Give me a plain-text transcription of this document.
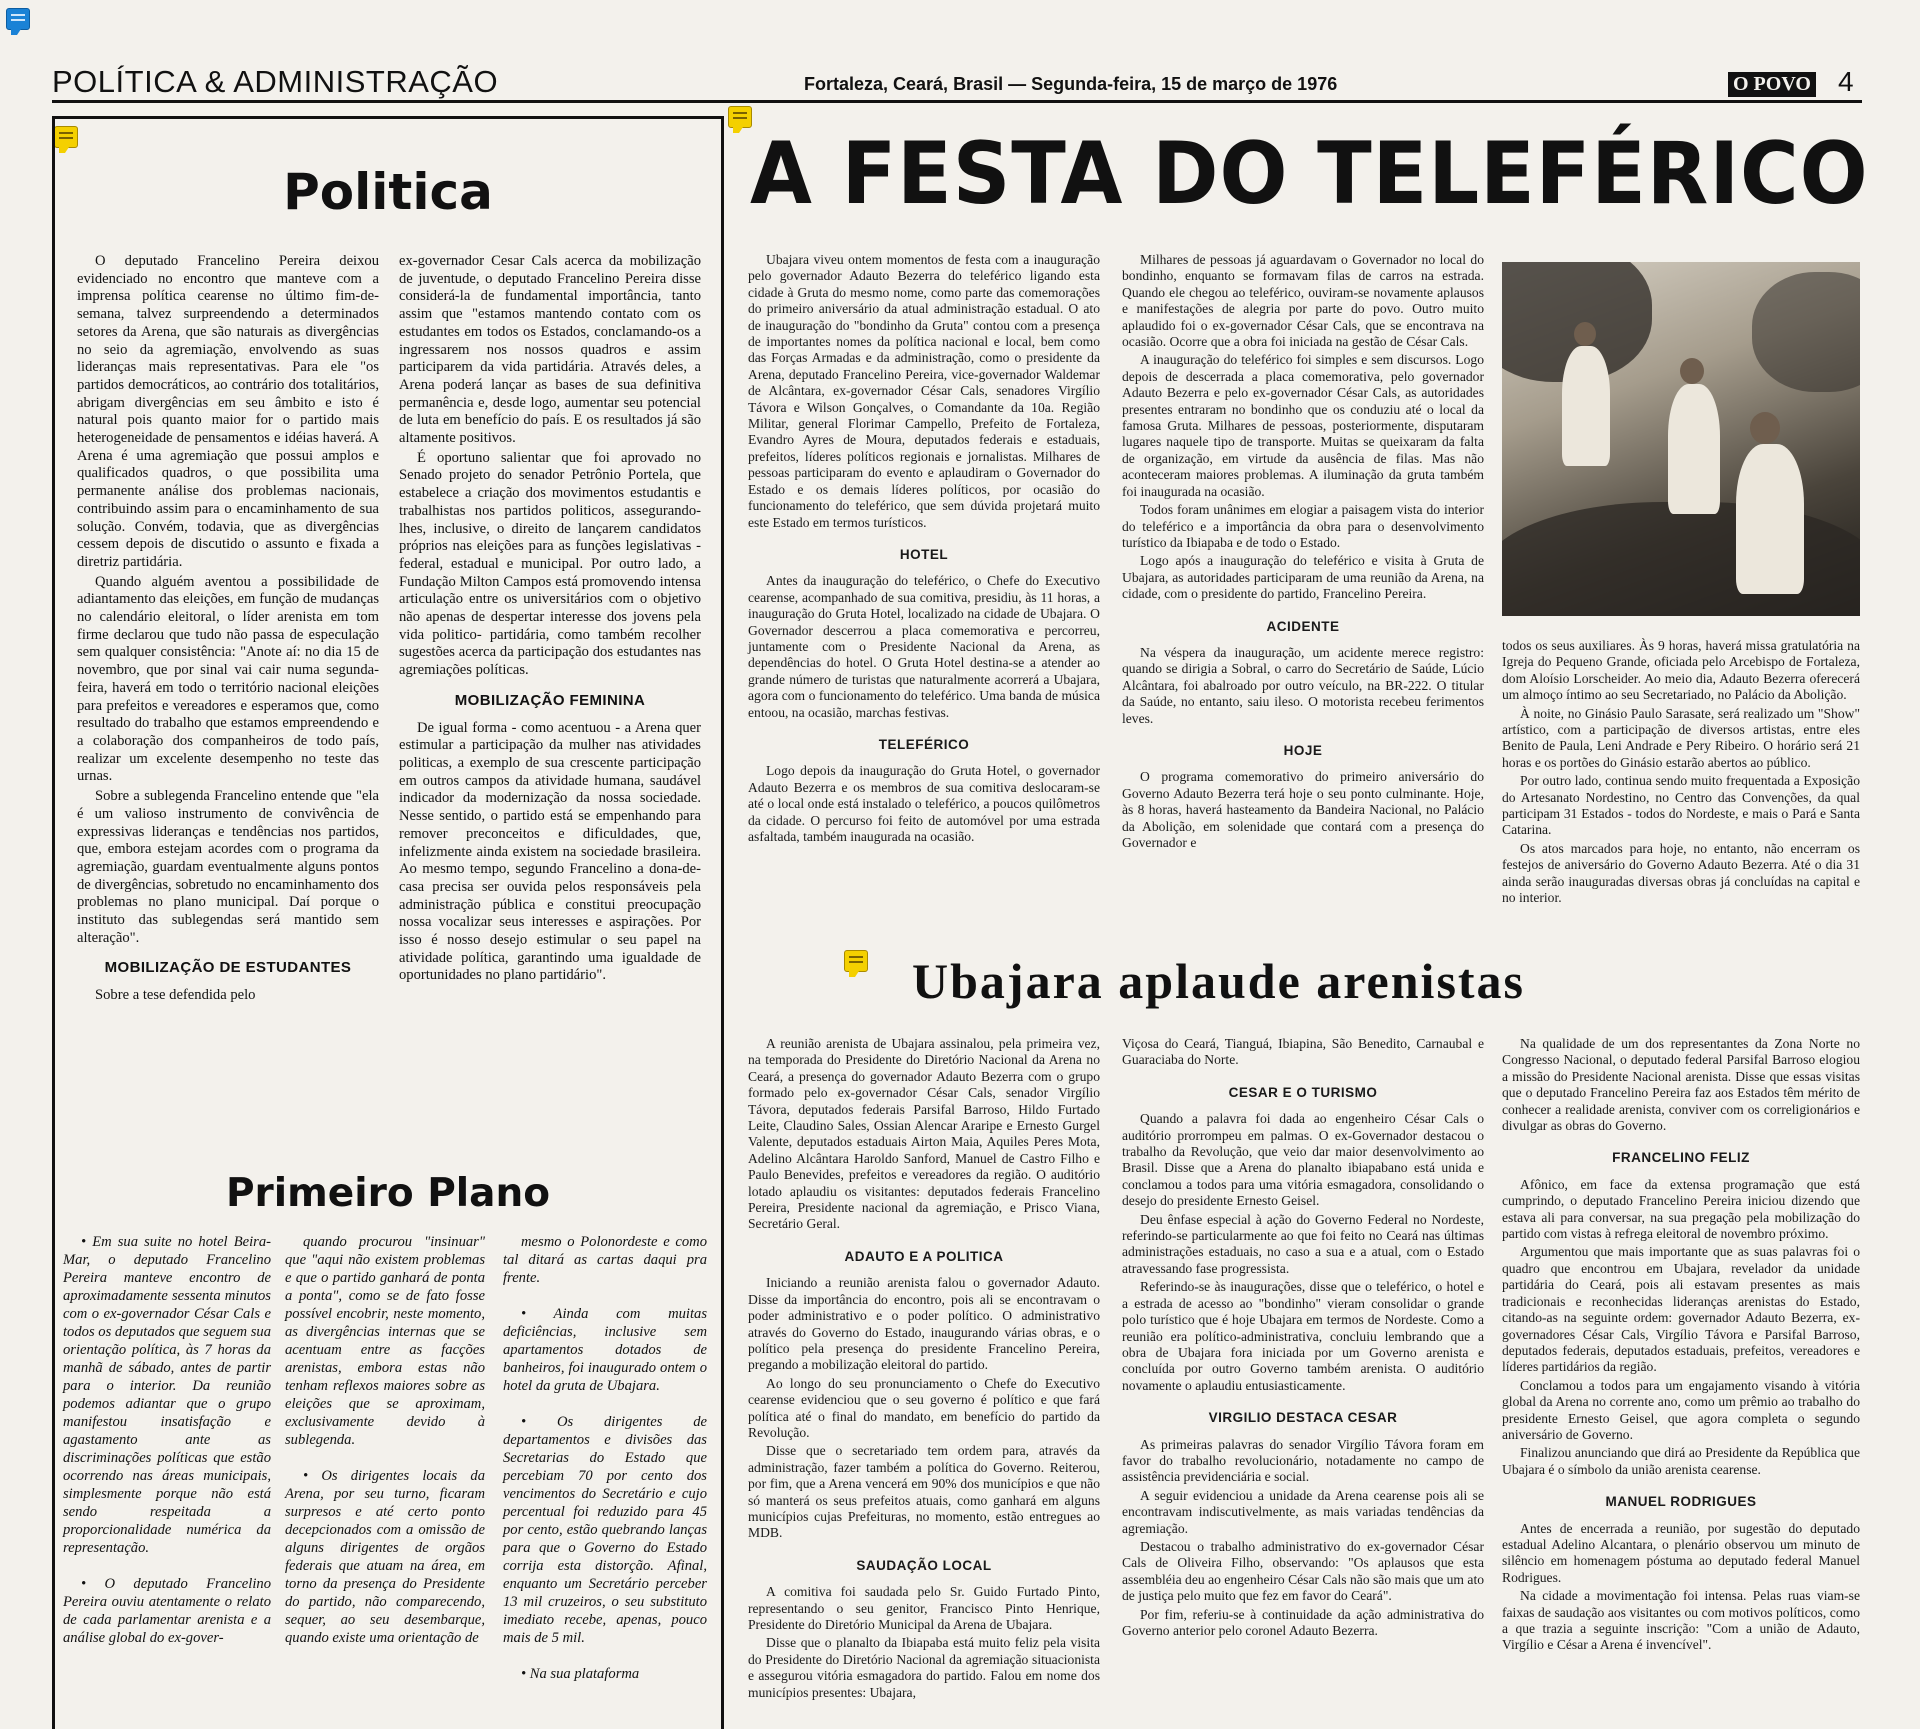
POLÍTICA & ADMINISTRAÇÃO	Fortaleza, Ceará, Brasil — Segunda-feira, 15 de março de 1976	O POVO 4
Politica

O deputado Francelino Pereira deixou evidenciado no encontro que manteve com a imprensa política cearense no último fim-de-semana, talvez surpreendendo a determinados setores da Arena, que são naturais as divergências no seio da agremiação, envolvendo as suas lideranças mais representativas. Para ele "os partidos democráticos, ao contrário dos totalitários, abrigam divergências em seu âmbito e isto é natural pois quanto maior for o partido mais heterogeneidade de pensamentos e idéias haverá. A Arena é uma agremiação que possui amplos e qualificados quadros, o que possibilita uma permanente análise dos problemas nacionais, contribuindo assim para o encaminhamento de sua solução. Convém, todavia, que as divergências cessem depois de discutido o assunto e fixada a diretriz partidária.

Quando alguém aventou a possibilidade de adiantamento das eleições, em função de mudanças no calendário eleitoral, o líder arenista em tom firme declarou que tudo não passa de especulação sem qualquer consistência: "Anote aí: no dia 15 de novembro, que por sinal vai cair numa segunda-feira, haverá em todo o território nacional eleições para prefeitos e vereadores e esperamos que, como resultado do trabalho que estamos empreendendo e a colaboração dos companheiros de todo país, realizar um excelente desempenho no teste das urnas.

Sobre a sublegenda Francelino entende que "ela é um valioso instrumento de convivência de expressivas lideranças e tendências nos partidos, que, embora estejam acordes com o programa da agremiação, guardam eventualmente alguns pontos de divergências, sobretudo no encaminhamento dos problemas no plano municipal. Daí porque o instituto das sublegendas será mantido sem alteração".

MOBILIZAÇÃO DE ESTUDANTES

Sobre a tese defendida pelo

ex-governador Cesar Cals acerca da mobilização de juventude, o deputado Francelino Pereira disse considerá-la de fundamental importância, tanto assim que "estamos mantendo contato com os estudantes em todos os Estados, conclamando-os a ingressarem nos nossos quadros e assim participarem da vida partidária. Através deles, a Arena poderá lançar as bases de sua definitiva permanência e, desde logo, aumentar seu potencial de luta em benefício do país. E os resultados já são altamente positivos.

É oportuno salientar que foi aprovado no Senado projeto do senador Petrônio Portela, que estabelece a criação dos movimentos estudantis e trabalhistas nos partidos politicos, assegurando-lhes, inclusive, o direito de lançarem candidatos próprios nas eleições para as funções legislativas - federal, estadual e municipal. Por outro lado, a Fundação Milton Campos está promovendo intensa articulação entre os universitários com o objetivo não apenas de despertar interesse dos jovens pela vida politico- partidária, como também recolher sugestões acerca da participação dos estudantes nas agremiações políticas.

MOBILIZAÇÃO FEMININA

De igual forma - como acentuou - a Arena quer estimular a participação da mulher nas atividades politicas, a exemplo de sua crescente participação em outros campos da atividade humana, saudável indicador da modernização da nossa sociedade. Nesse sentido, o partido está se empenhando para remover preconceitos e dificuldades, que, infelizmente ainda existem na sociedade brasileira. Ao mesmo tempo, segundo Francelino a dona-de-casa precisa ser ouvida pelos responsáveis pela administração pública e constitui preocupação nossa vocalizar seus interesses e aspirações. Por isso é nosso desejo estimular o seu papel na atividade política, garantindo uma igualdade de oportunidades no plano partidário".

Primeiro Plano

• Em sua suite no hotel Beira-Mar, o deputado Francelino Pereira manteve encontro de aproximadamente sessenta minutos com o ex-governador César Cals e todos os deputados que seguem sua orientação política, às 7 horas da manhã de sábado, antes de partir para o interior. Da reunião podemos adiantar que o grupo manifestou insatisfação e agastamento ante as discriminações políticas que estão ocorrendo nas áreas municipais, simplesmente porque não está sendo respeitada a proporcionalidade numérica da representação.

• O deputado Francelino Pereira ouviu atentamente o relato de cada parlamentar arenista e a análise global do ex-gover-

quando procurou "insinuar" que "aqui não existem problemas e que o partido ganhará de ponta a ponta", como se de fato fosse possível encobrir, neste momento, as divergências internas que se acentuam entre as facções arenistas, embora estas não tenham reflexos maiores sobre as eleições que se aproximam, exclusivamente devido à sublegenda.

• Os dirigentes locais da Arena, por seu turno, ficaram surpresos e até certo ponto decepcionados com a omissão de alguns dirigentes de orgãos federais que atuam na área, em torno da presença do Presidente do partido, não comparecendo, sequer, ao seu desembarque, quando existe uma orientação de

mesmo o Polonordeste e como tal ditará as cartas daqui pra frente.

• Ainda com muitas deficiências, inclusive sem apartamentos dotados de banheiros, foi inaugurado ontem o hotel da gruta de Ubajara.

• Os dirigentes de departamentos e divisões das Secretarias do Estado que percebiam 70 por cento dos vencimentos do Secretário e cujo percentual foi reduzido para 45 por cento, estão quebrando lanças para que o Governo do Estado corrija esta distorção. Afinal, enquanto um Secretário perceber 13 mil cruzeiros, o seu substituto imediato recebe, apenas, pouco mais de 5 mil.

• Na sua plataforma

A FESTA DO TELEFÉRICO

Ubajara viveu ontem momentos de festa com a inauguração pelo governador Adauto Bezerra do teleférico ligando esta cidade à Gruta do mesmo nome, como parte das comemorações do primeiro aniversário da atual administração estadual. O ato de inauguração do "bondinho da Gruta" contou com a presença de importantes nomes da política nacional e local, bem como das Forças Armadas e da administração, como o presidente da Arena, deputado Francelino Pereira, vice-governador Waldemar de Alcântara, ex-governador César Cals, senadores Virgílio Távora e Wilson Gonçalves, o Comandante da 10a. Região Militar, general Florimar Campello, Prefeito de Fortaleza, Evandro Ayres de Moura, deputados federais e estaduais, prefeitos, líderes políticos regionais e jornalistas. Milhares de pessoas participaram do evento e aplaudiram o Governador do Estado e os demais líderes políticos, por ocasião do funcionamento do teleférico, que sem dúvida projetará muito este Estado em termos turísticos.

HOTEL

Antes da inauguração do teleférico, o Chefe do Executivo cearense, acompanhado de sua comitiva, presidiu, às 11 horas, a inauguração do Gruta Hotel, localizado na cidade de Ubajara. O Governador descerrou a placa comemorativa e percorreu, juntamente com o Presidente Nacional da Arena, as dependências do hotel. O Gruta Hotel destina-se a atender ao grande número de turistas que naturalmente acorrerá a Ubajara, agora com o funcionamento do teleférico. Uma banda de música entoou, na ocasião, marchas festivas.

TELEFÉRICO

Logo depois da inauguração do Gruta Hotel, o governador Adauto Bezerra e os membros de sua comitiva deslocaram-se até o local onde está instalado o teleférico, a poucos quilômetros da cidade. O percurso foi feito de automóvel por uma estrada asfaltada, também inaugurada na ocasião.

Milhares de pessoas já aguardavam o Governador no local do bondinho, enquanto se formavam filas de carros na estrada. Quando ele chegou ao teleférico, ouviram-se novamente aplausos e manifestações de alegria por parte do povo. Outro muito aplaudido foi o ex-governador César Cals, que se encontrava na ocasião. Ocorre que a obra foi iniciada na gestão de César Cals.

A inauguração do teleférico foi simples e sem discursos. Logo depois de descerrada a placa comemorativa, pelo governador Adauto Bezerra e pelo ex-governador César Cals, as autoridades presentes entraram no bondinho que os conduziu até o local da famosa Gruta. Milhares de pessoas, posteriormente, disputaram lugares naquele tipo de transporte. Muitas se queixaram da falta de organização, em virtude da ausência de filas. Mas não aconteceram maiores problemas. A iluminação da gruta também foi inaugurada na ocasião.

Todos foram unânimes em elogiar a paisagem vista do interior do teleférico e a importância da obra para o desenvolvimento turístico da Ibiapaba e de todo o Estado.

Logo após a inauguração do teleférico e visita à Gruta de Ubajara, as autoridades participaram de uma reunião da Arena, na cidade, com o presidente do partido, Francelino Pereira.

ACIDENTE

Na véspera da inauguração, um acidente merece registro: quando se dirigia a Sobral, o carro do Secretário de Saúde, Lúcio Alcântara, foi abalroado por outro veículo, na BR-222. O titular da Saúde, no entanto, saiu ileso. O motorista recebeu ferimentos leves.

HOJE

O programa comemorativo do primeiro aniversário do Governo Adauto Bezerra terá hoje o seu ponto culminante. Hoje, às 8 horas, haverá hasteamento da Bandeira Nacional, no Palácio da Abolição, em solenidade que contará com a presença do Governador e

todos os seus auxiliares. Às 9 horas, haverá missa gratulatória na Igreja do Pequeno Grande, oficiada pelo Arcebispo de Fortaleza, dom Aloísio Lorscheider. Ao meio dia, Adauto Bezerra oferecerá um almoço íntimo ao seu Secretariado, no Palácio da Abolição.

À noite, no Ginásio Paulo Sarasate, será realizado um "Show" artístico, com a participação de diversos artistas, entre eles Benito de Paula, Leni Andrade e Pery Ribeiro. O horário será 21 horas e os portões do Ginásio estarão abertos ao público.

Por outro lado, continua sendo muito frequentada a Exposição do Artesanato Nordestino, no Centro das Convenções, da qual participam 31 Estados - todos do Nordeste, e mais o Pará e Santa Catarina.

Os atos marcados para hoje, no entanto, não encerram os festejos de aniversário do Governo Adauto Bezerra. Até o dia 31 ainda serão inauguradas diversas obras já concluídas na capital e no interior.

Ubajara aplaude arenistas

A reunião arenista de Ubajara assinalou, pela primeira vez, na temporada do Presidente do Diretório Nacional da Arena no Ceará, a presença do governador Adauto Bezerra com o grupo formado pelo ex-governador César Cals, senador Virgílio Távora, deputados federais Parsifal Barroso, Hildo Furtado Leite, Claudino Sales, Ossian Alencar Araripe e Ernesto Gurgel Valente, deputados estaduais Airton Maia, Aquiles Peres Mota, Adelino Alcântara Haroldo Sanford, Manuel de Castro Filho e Paulo Benevides, prefeitos e vereadores da região. O auditório lotado aplaudiu os visitantes: deputados federais Francelino Pereira, Presidente nacional da agremiação, e Prisco Viana, Secretário Geral.

ADAUTO E A POLITICA

Iniciando a reunião arenista falou o governador Adauto. Disse da importância do encontro, pois ali se encontravam o poder administrativo e o poder político. O administrativo através do Governo do Estado, inaugurando várias obras, e o político pela presença do presidente Francelino Pereira, pregando a mobilização eleitoral do partido.

Ao longo do seu pronunciamento o Chefe do Executivo cearense evidenciou que o seu governo é político e que fará política até o final do mandato, em benefício do partido da Revolução.

Disse que o secretariado tem ordem para, através da administração, fazer também a política do Governo. Reiterou, por fim, que a Arena vencerá em 90% dos municípios e que não só manterá os seus prefeitos atuais, como ganhará em alguns municípios cujas Prefeituras, no momento, estão entregues ao MDB.

SAUDAÇÃO LOCAL

A comitiva foi saudada pelo Sr. Guido Furtado Pinto, representando o seu genitor, Francisco Pinto Henrique, Presidente do Diretório Municipal da Arena de Ubajara.

Disse que o planalto da Ibiapaba está muito feliz pela visita do Presidente do Diretório Nacional da agremiação situacionista e assegurou vitória esmagadora do partido. Falou em nome dos municípios presentes: Ubajara,

Viçosa do Ceará, Tianguá, Ibiapina, São Benedito, Carnaubal e Guaraciaba do Norte.

CESAR E O TURISMO

Quando a palavra foi dada ao engenheiro César Cals o auditório prorrompeu em palmas. O ex-Governador destacou o trabalho da Revolução, que veio dar maior desenvolvimento ao Brasil. Disse que a Arena do planalto ibiapabano está unida e conclamou a todos para uma vitória esmagadora, consolidando o desejo do presidente Ernesto Geisel.

Deu ênfase especial à ação do Governo Federal no Nordeste, referindo-se particularmente ao que foi feito no Ceará nas últimas administrações estaduais, no caso a sua e a atual, com o Estado atravessando fase progressista.

Referindo-se às inaugurações, disse que o teleférico, o hotel e a estrada de acesso ao "bondinho" vieram consolidar o grande polo turístico que é hoje Ubajara em termos de Nordeste. Como a reunião era político-administrativa, concluiu lembrando que a obra de Ubajara fora iniciada por um Governo arenista e concluída por outro Governo também arenista. O auditório novamente o aplaudiu entusiasticamente.

VIRGILIO DESTACA CESAR

As primeiras palavras do senador Virgílio Távora foram em favor do trabalho revolucionário, notadamente no campo de assistência previdenciária e social.

A seguir evidenciou a unidade da Arena cearense pois ali se encontravam indiscutivelmente, as mais variadas tendências da agremiação.

Destacou o trabalho administrativo do ex-governador César Cals de Oliveira Filho, observando: "Os aplausos que esta assembléia deu ao engenheiro César Cals não são mais que um ato de justiça pelo muito que fez em favor do Ceará".

Por fim, referiu-se à continuidade da ação administrativa do Governo anterior pelo coronel Adauto Bezerra.

Na qualidade de um dos representantes da Zona Norte no Congresso Nacional, o deputado federal Parsifal Barroso elogiou a missão do Presidente Nacional arenista. Disse que essas visitas que o deputado Francelino Pereira faz aos Estados têm mérito de conhecer a realidade arenista, conviver com os correligionários e divulgar as obras do Governo.

FRANCELINO FELIZ

Afônico, em face da extensa programação que está cumprindo, o deputado Francelino Pereira iniciou dizendo que estava ali para conversar, na sua pregação pela mobilização do partido com vistas à refrega eleitoral de novembro próximo.

Argumentou que mais importante que as suas palavras foi o quadro que encontrou em Ubajara, revelador da unidade partidária do Ceará, pois ali estavam presentes as mais tradicionais e reconhecidas lideranças arenistas do Estado, citando-as na seguinte ordem: governador Adauto Bezerra, ex-governadores César Cals, Virgílio Távora e Parsifal Barroso, deputados federais, deputados estaduais, prefeitos, vereadores e líderes partidários da região.

Conclamou a todos para um engajamento visando à vitória global da Arena no corrente ano, como um prêmio ao trabalho do presidente Ernesto Geisel, que agora completa o segundo aniversário de Governo.

Finalizou anunciando que dirá ao Presidente da República que Ubajara é o símbolo da união arenista cearense.

MANUEL RODRIGUES

Antes de encerrada a reunião, por sugestão do deputado estadual Adelino Alcantara, o plenário observou um minuto de silêncio em homenagem póstuma ao deputado federal Manuel Rodrigues.

Na cidade a movimentação foi intensa. Pelas ruas viam-se faixas de saudação aos visitantes ou com motivos políticos, como a que trazia a seguinte inscrição: "Com a união de Adauto, Virgílio e César a Arena é invencível".
